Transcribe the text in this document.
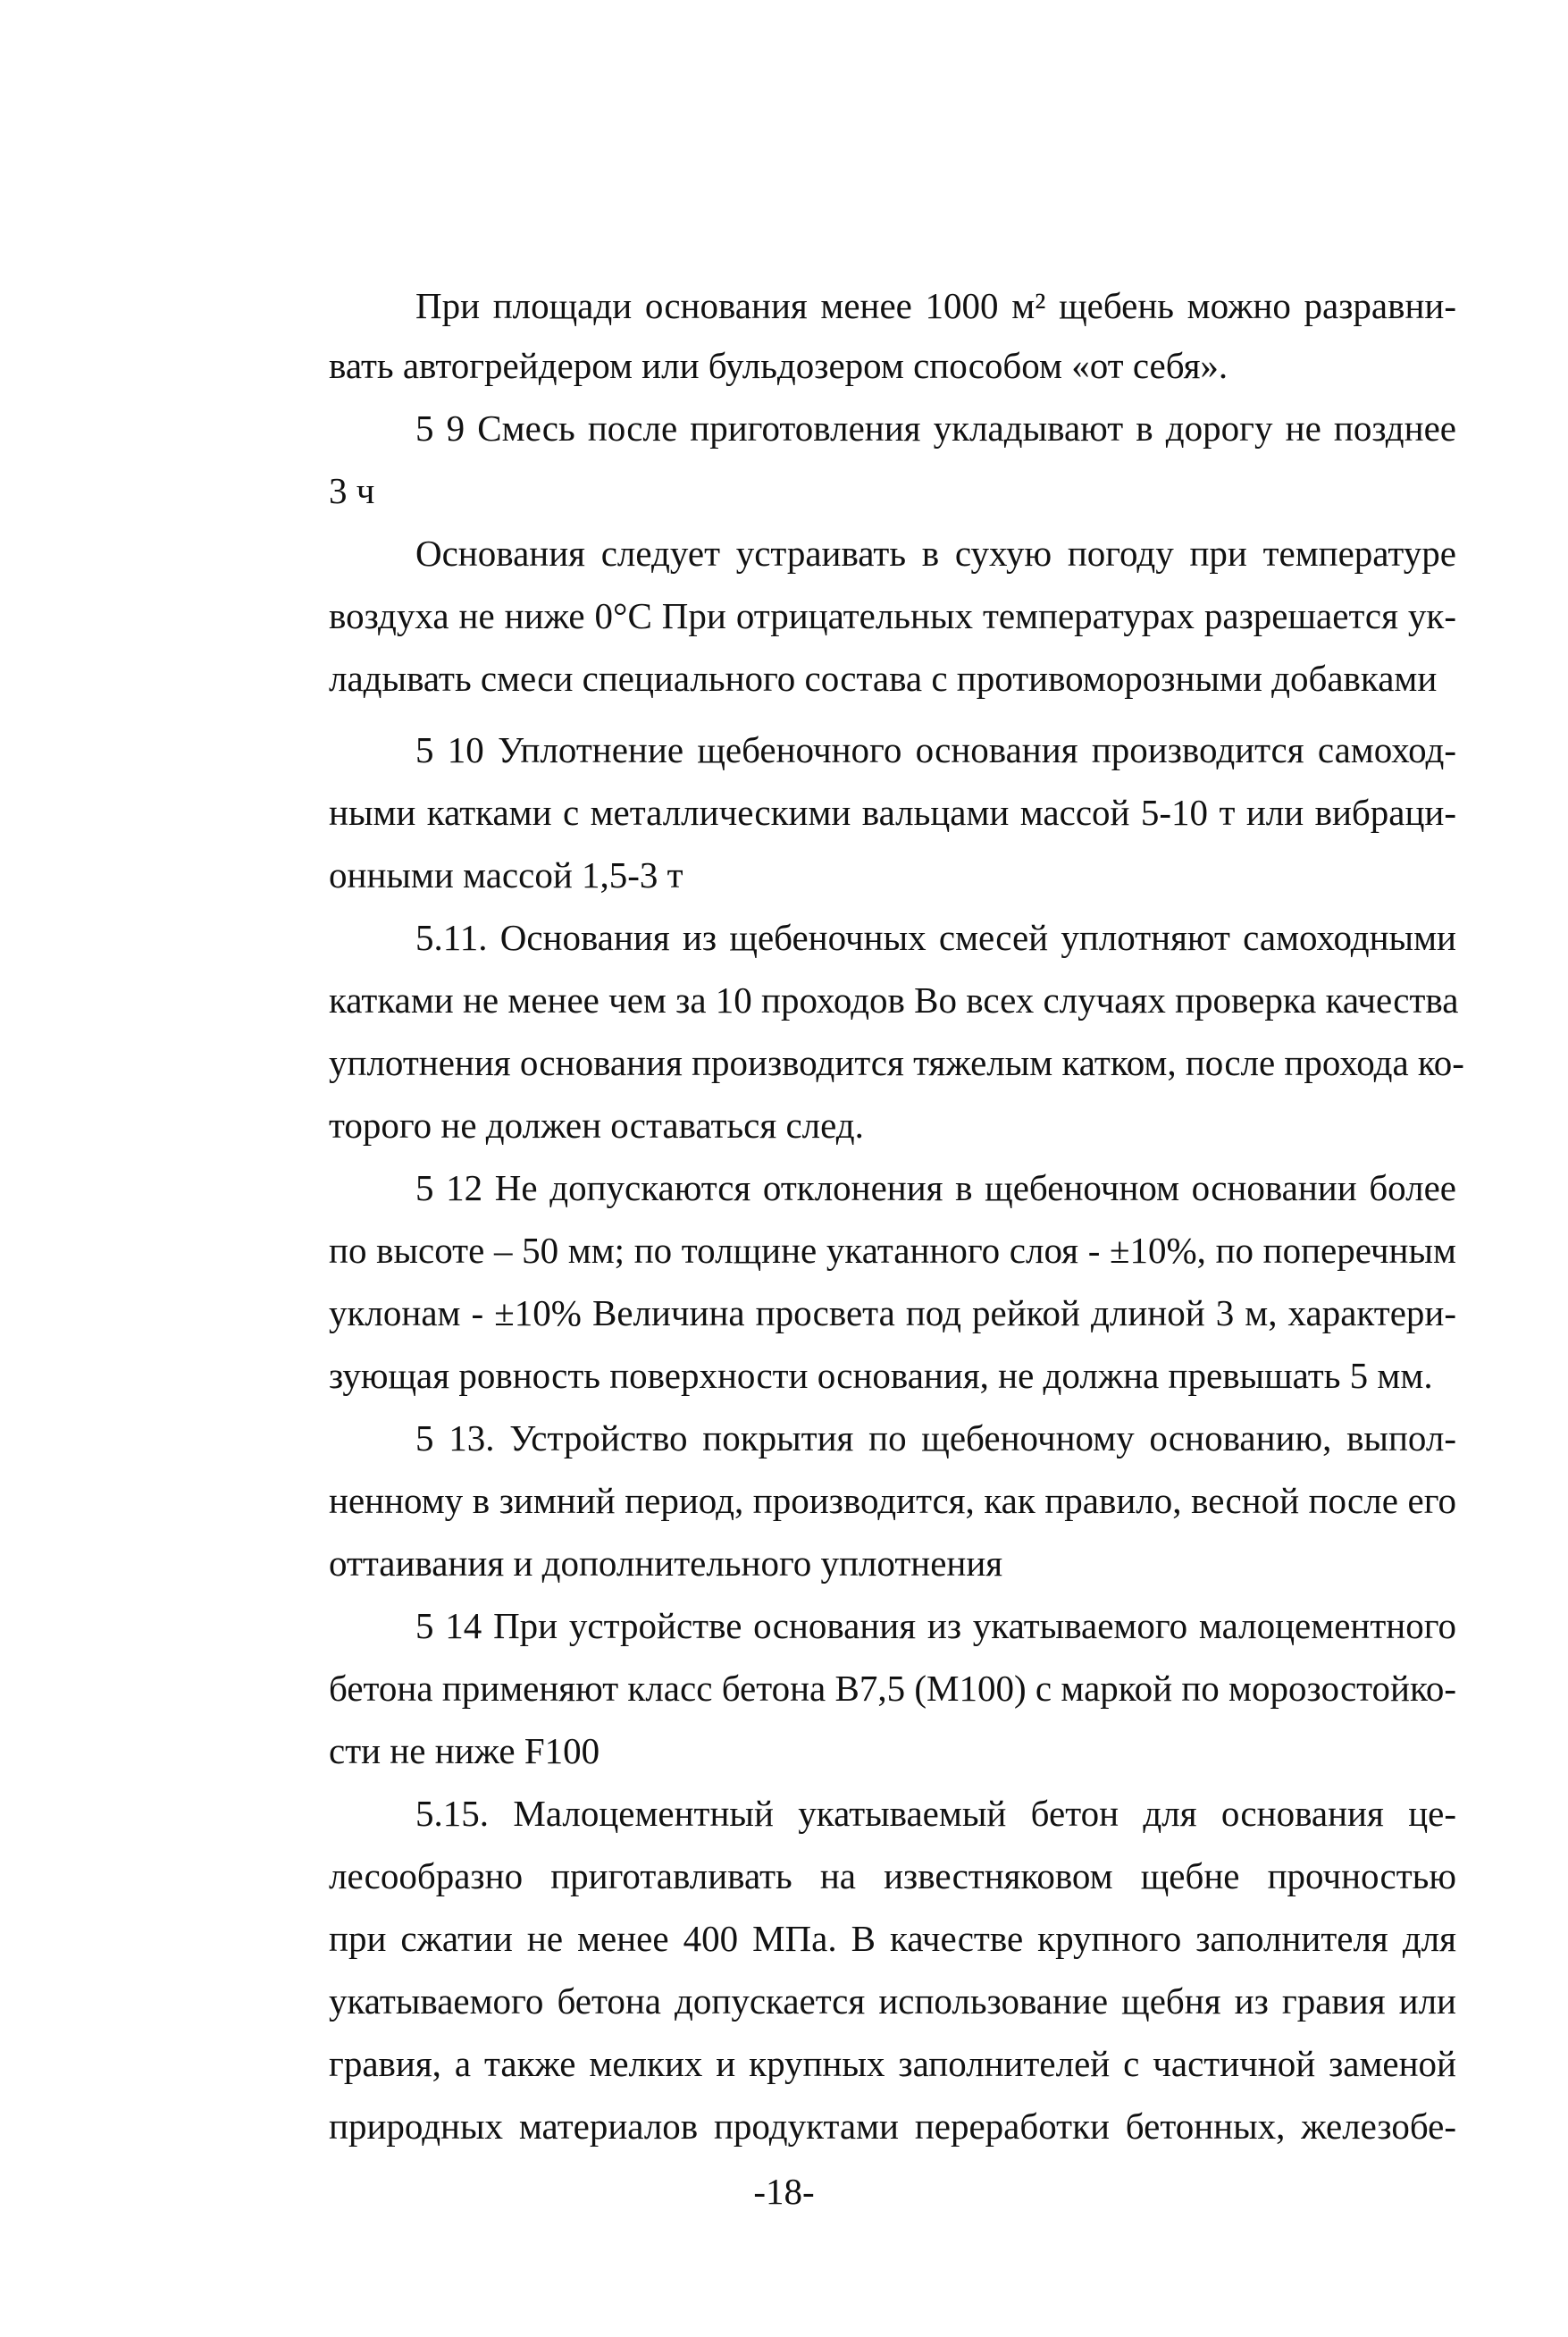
При площади основания менее 1000 м² щебень можно разравни-
вать автогрейдером или бульдозером способом «от себя».
5 9 Смесь после приготовления укладывают в дорогу не позднее
3 ч
Основания следует устраивать в сухую погоду при температуре
воздуха не ниже 0°С При отрицательных температурах разрешается ук-
ладывать смеси специального состава с противоморозными добавками
5 10 Уплотнение щебеночного основания производится самоход-
ными катками с металлическими вальцами массой 5-10 т или вибраци-
онными массой 1,5-3 т
5.11. Основания из щебеночных смесей уплотняют самоходными
катками не менее чем за 10 проходов Во всех случаях проверка качества
уплотнения основания производится тяжелым катком, после прохода ко-
торого не должен оставаться след.
5 12 Не допускаются отклонения в щебеночном основании более
по высоте – 50 мм; по толщине укатанного слоя - ±10%, по поперечным
уклонам - ±10% Величина просвета под рейкой длиной 3 м, характери-
зующая ровность поверхности основания, не должна превышать 5 мм.
5 13. Устройство покрытия по щебеночному основанию, выпол-
ненному в зимний период, производится, как правило, весной после его
оттаивания и дополнительного уплотнения
5 14 При устройстве основания из укатываемого малоцементного
бетона применяют класс бетона В7,5 (М100) с маркой по морозостойко-
сти не ниже F100
5.15. Малоцементный укатываемый бетон для основания це-
лесообразно приготавливать на известняковом щебне прочностью
при сжатии не менее 400 МПа. В качестве крупного заполнителя для
укатываемого бетона допускается использование щебня из гравия или
гравия, а также мелких и крупных заполнителей с частичной заменой
природных материалов продуктами переработки бетонных, железобе-
-18-
